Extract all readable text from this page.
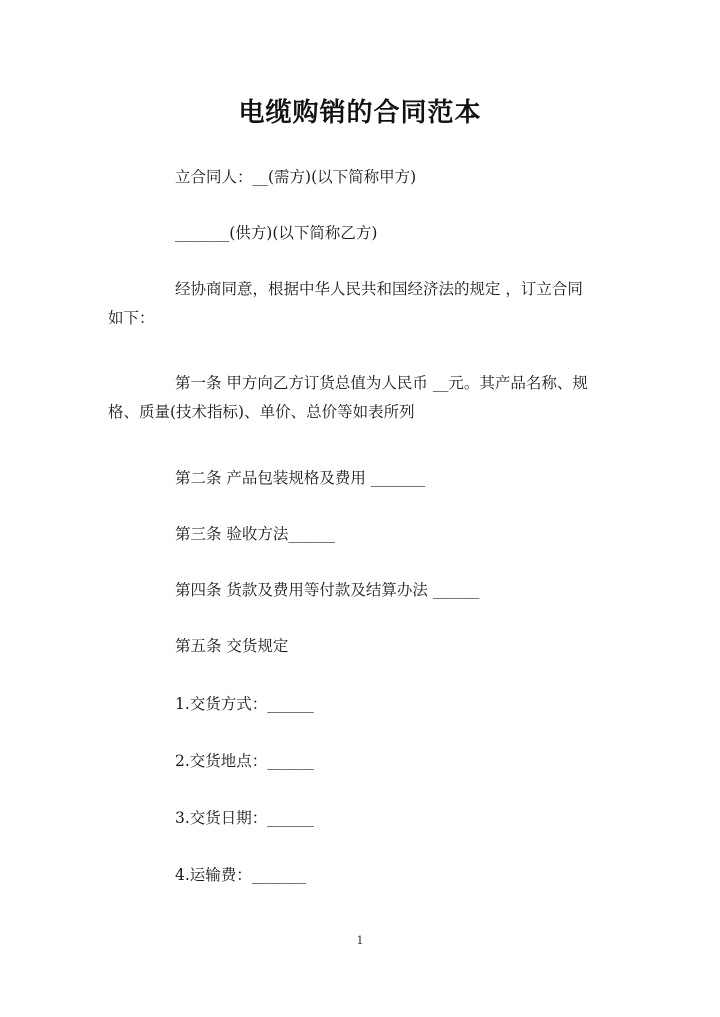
电缆购销的合同范本
立合同人：__(需方)(以下简称甲方)
_______(供方)(以下简称乙方)
经协商同意，根据中华人民共和国经济法的规定 ，订立合同
如下：
第一条 甲方向乙方订货总值为人民币 __元。其产品名称、规
格、质量(技术指标)、单价、总价等如表所列
第二条 产品包装规格及费用 _______
第三条 验收方法______
第四条 货款及费用等付款及结算办法 ______
第五条 交货规定
1.交货方式：______
2.交货地点：______
3.交货日期：______
4.运输费：_______
1
